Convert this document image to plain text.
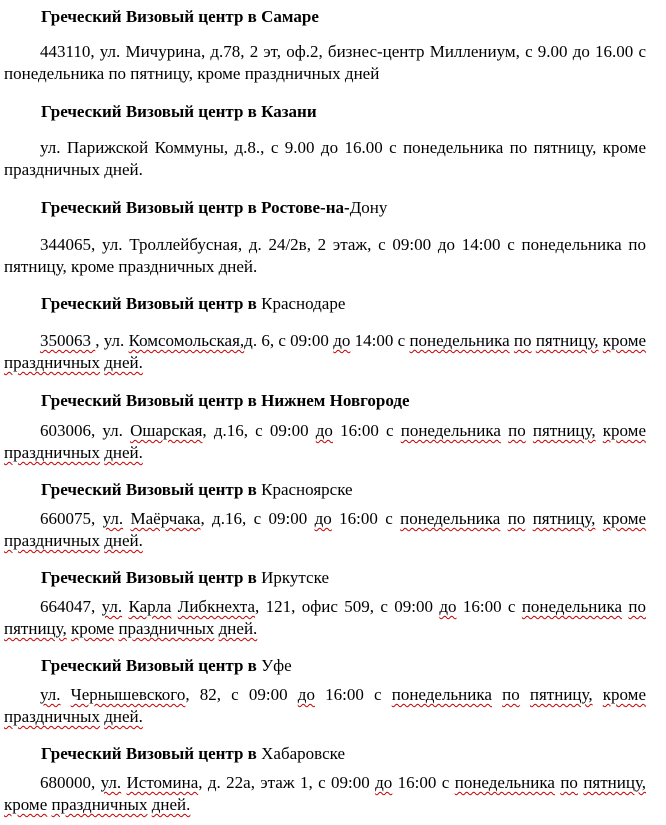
Греческий Визовый центр в Самаре
443110, ул. Мичурина, д.78, 2 эт, оф.2, бизнес-центр Миллениум, с 9.00 до 16.00 с понедельника по пятницу, кроме праздничных дней
Греческий Визовый центр в Казани
ул. Парижской Коммуны, д.8., с 9.00 до 16.00 с понедельника по пятницу, кроме праздничных дней.
Греческий Визовый центр в Ростове-на-Дону
344065, ул. Троллейбусная, д. 24/2в, 2 этаж, с 09:00 до 14:00 с понедельника по пятницу, кроме праздничных дней.
Греческий Визовый центр в Краснодаре
350063 , ул. Комсомольская,д. 6, с 09:00 до 14:00 с понедельника по пятницу, кроме праздничных дней.
Греческий Визовый центр в Нижнем Новгороде
603006, ул. Ошарская, д.16, с 09:00 до 16:00 с понедельника по пятницу, кроме праздничных дней.
Греческий Визовый центр в Красноярске
660075, ул. Маёрчака, д.16, с 09:00 до 16:00 с понедельника по пятницу, кроме праздничных дней.
Греческий Визовый центр в Иркутске
664047, ул. Карла Либкнехта, 121, офис 509, с 09:00 до 16:00 с понедельника по пятницу, кроме праздничных дней.
Греческий Визовый центр в Уфе
ул. Чернышевского, 82, с 09:00 до 16:00 с понедельника по пятницу, кроме праздничных дней.
Греческий Визовый центр в Хабаровске
680000, ул. Истомина, д. 22а, этаж 1, с 09:00 до 16:00 с понедельника по пятницу, кроме праздничных дней.
